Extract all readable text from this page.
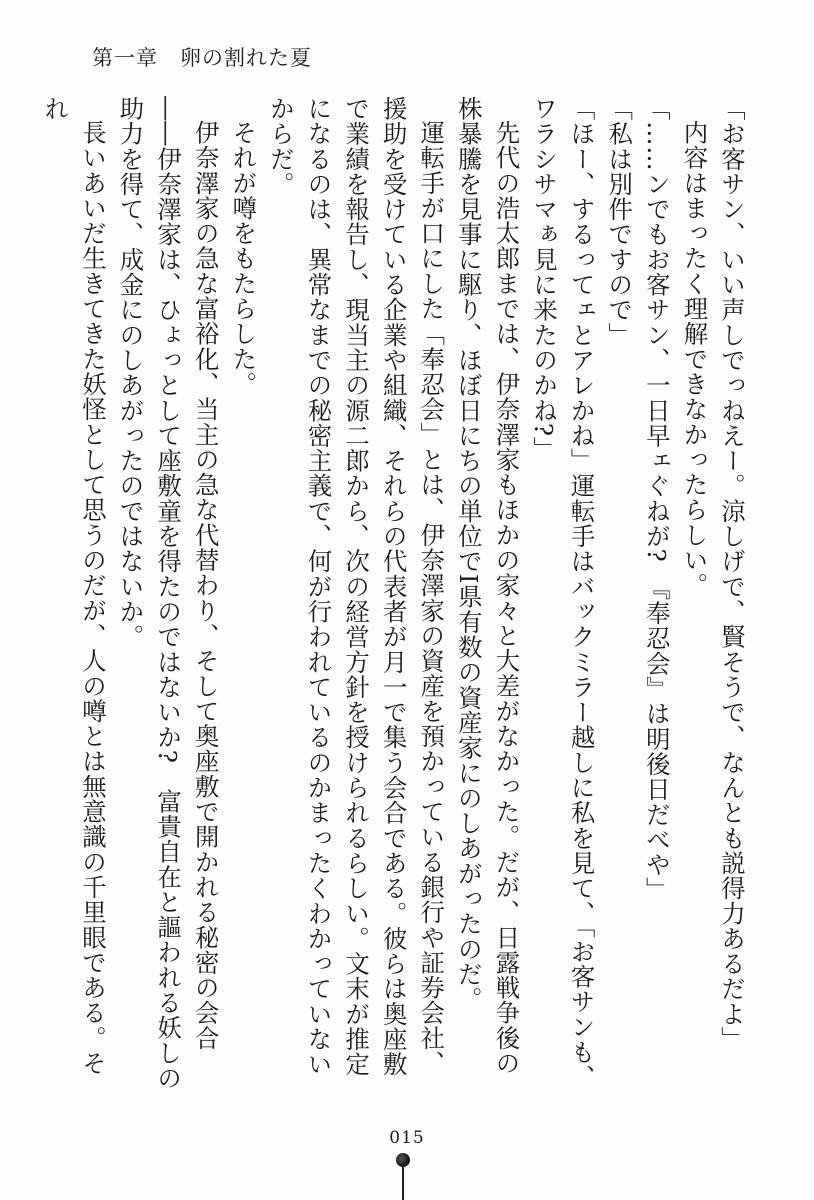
第一章 卵の割れた夏

「お客サン、いい声しでっねえー。涼しげで、賢そうで、なんとも説得力あるだよ」

内容はまったく理解できなかったらしい。

「……ンでもお客サン、一日早ェぐねが?　『奉忍会』は明後日だべや」

「私は別件ですので」

「ほー、するってェとアレかね」運転手はバックミラー越しに私を見て、「お客サンも、ワラシサマぁ見に来たのかね?」

先代の浩太郎までは、伊奈澤家もほかの家々と大差がなかった。だが、日露戦争後の株暴騰を見事に駆り、ほぼ日にちの単位でI県有数の資産家にのしあがったのだ。

運転手が口にした「奉忍会」とは、伊奈澤家の資産を預かっている銀行や証券会社、援助を受けている企業や組織、それらの代表者が月一で集う会合である。彼らは奥座敷で業績を報告し、現当主の源二郎から、次の経営方針を授けられるらしい。文末が推定になるのは、異常なまでの秘密主義で、何が行われているのかまったくわかっていないからだ。

それが噂をもたらした。

伊奈澤家の急な富裕化、当主の急な代替わり、そして奥座敷で開かれる秘密の会合――伊奈澤家は、ひょっとして座敷童を得たのではないか?　富貴自在と謳われる妖しの助力を得て、成金にのしあがったのではないか。

長いあいだ生きてきた妖怪として思うのだが、人の噂とは無意識の千里眼である。それ

015
